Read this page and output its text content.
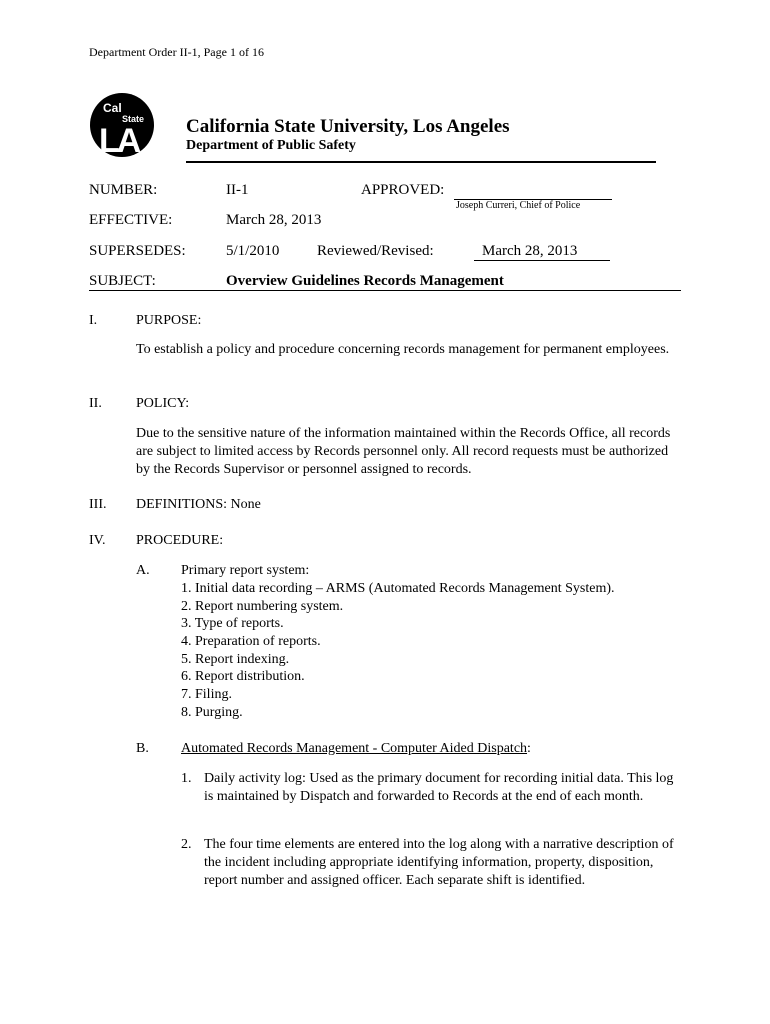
Department Order II-1, Page 1 of 16
Cal
State
LA	California State University, Los Angeles
Department of Public Safety
NUMBER:	II-1	APPROVED:
Joseph Curreri, Chief of Police
EFFECTIVE:	March 28, 2013
SUPERSEDES:	5/1/2010	Reviewed/Revised:	March 28, 2013
SUBJECT:	Overview Guidelines Records Management
I.	PURPOSE:
To establish a policy and procedure concerning records management for permanent employees.
II. POLICY:
Due to the sensitive nature of the information maintained within the Records Office, all records are subject to limited access by Records personnel only. All record requests must be authorized by the Records Supervisor or personnel assigned to records.
III. DEFINITIONS: None
IV. PROCEDURE:
A. Primary report system:
1. Initial data recording – ARMS (Automated Records Management System).
2. Report numbering system.
3. Type of reports.
4. Preparation of reports.
5. Report indexing.
6. Report distribution.
7. Filing.
8. Purging.
B. Automated Records Management - Computer Aided Dispatch:
1. Daily activity log: Used as the primary document for recording initial data. This log is maintained by Dispatch and forwarded to Records at the end of each month.
2. The four time elements are entered into the log along with a narrative description of the incident including appropriate identifying information, property, disposition, report number and assigned officer. Each separate shift is identified.
